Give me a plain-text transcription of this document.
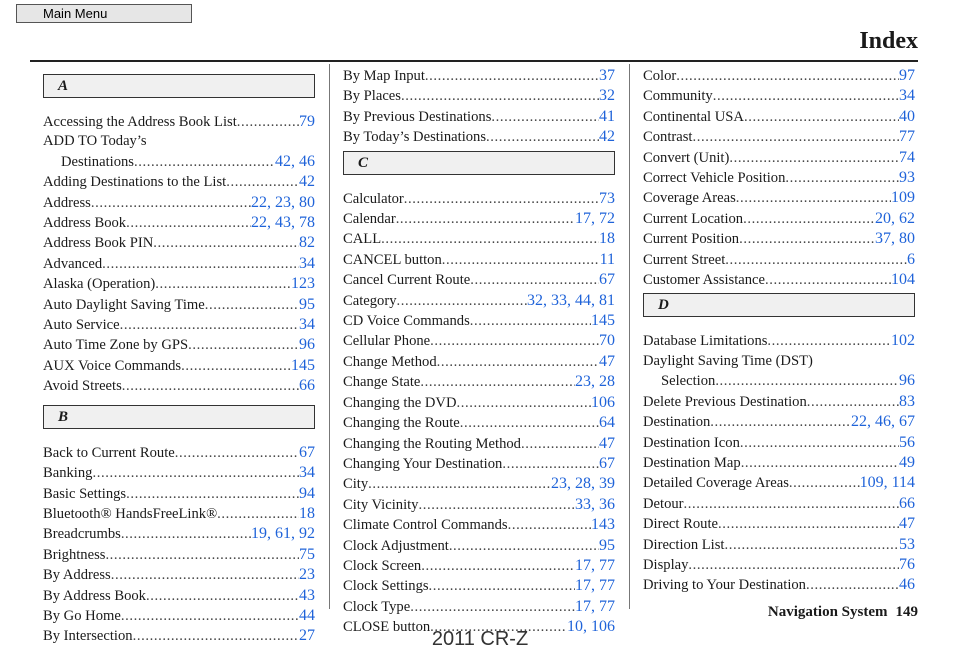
Main Menu
Index
A
Accessing the Address Book List .....	79
ADD TO Today’s
Destinations .....	42, 46
Adding Destinations to the List .....	42
Address .....	22, 23, 80
Address Book .....	22, 43, 78
Address Book PIN .....	82
Advanced .....	34
Alaska (Operation) .....	123
Auto Daylight Saving Time .....	95
Auto Service .....	34
Auto Time Zone by GPS .....	96
AUX Voice Commands .....	145
Avoid Streets .....	66
B
Back to Current Route .....	67
Banking .....	34
Basic Settings .....	94
Bluetooth® HandsFreeLink® .....	18
Breadcrumbs .....	19, 61, 92
Brightness .....	75
By Address .....	23
By Address Book .....	43
By Go Home .....	44
By Intersection .....	27
By Map Input .....	37
By Places .....	32
By Previous Destinations .....	41
By Today’s Destinations .....	42
C
Calculator .....	73
Calendar .....	17, 72
CALL .....	18
CANCEL button .....	11
Cancel Current Route .....	67
Category .....	32, 33, 44, 81
CD Voice Commands .....	145
Cellular Phone .....	70
Change Method .....	47
Change State .....	23, 28
Changing the DVD .....	106
Changing the Route .....	64
Changing the Routing Method .....	47
Changing Your Destination .....	67
City .....	23, 28, 39
City Vicinity .....	33, 36
Climate Control Commands .....	143
Clock Adjustment .....	95
Clock Screen .....	17, 77
Clock Settings .....	17, 77
Clock Type .....	17, 77
CLOSE button .....	10, 106
Color .....	97
Community .....	34
Continental USA .....	40
Contrast .....	77
Convert (Unit) .....	74
Correct Vehicle Position .....	93
Coverage Areas .....	109
Current Location .....	20, 62
Current Position .....	37, 80
Current Street .....	6
Customer Assistance .....	104
D
Database Limitations .....	102
Daylight Saving Time (DST)
Selection .....	96
Delete Previous Destination .....	83
Destination .....	22, 46, 67
Destination Icon .....	56
Destination Map .....	49
Detailed Coverage Areas .....	109, 114
Detour .....	66
Direct Route .....	47
Direction List .....	53
Display .....	76
Driving to Your Destination .....	46
Navigation System 149
2011 CR-Z
